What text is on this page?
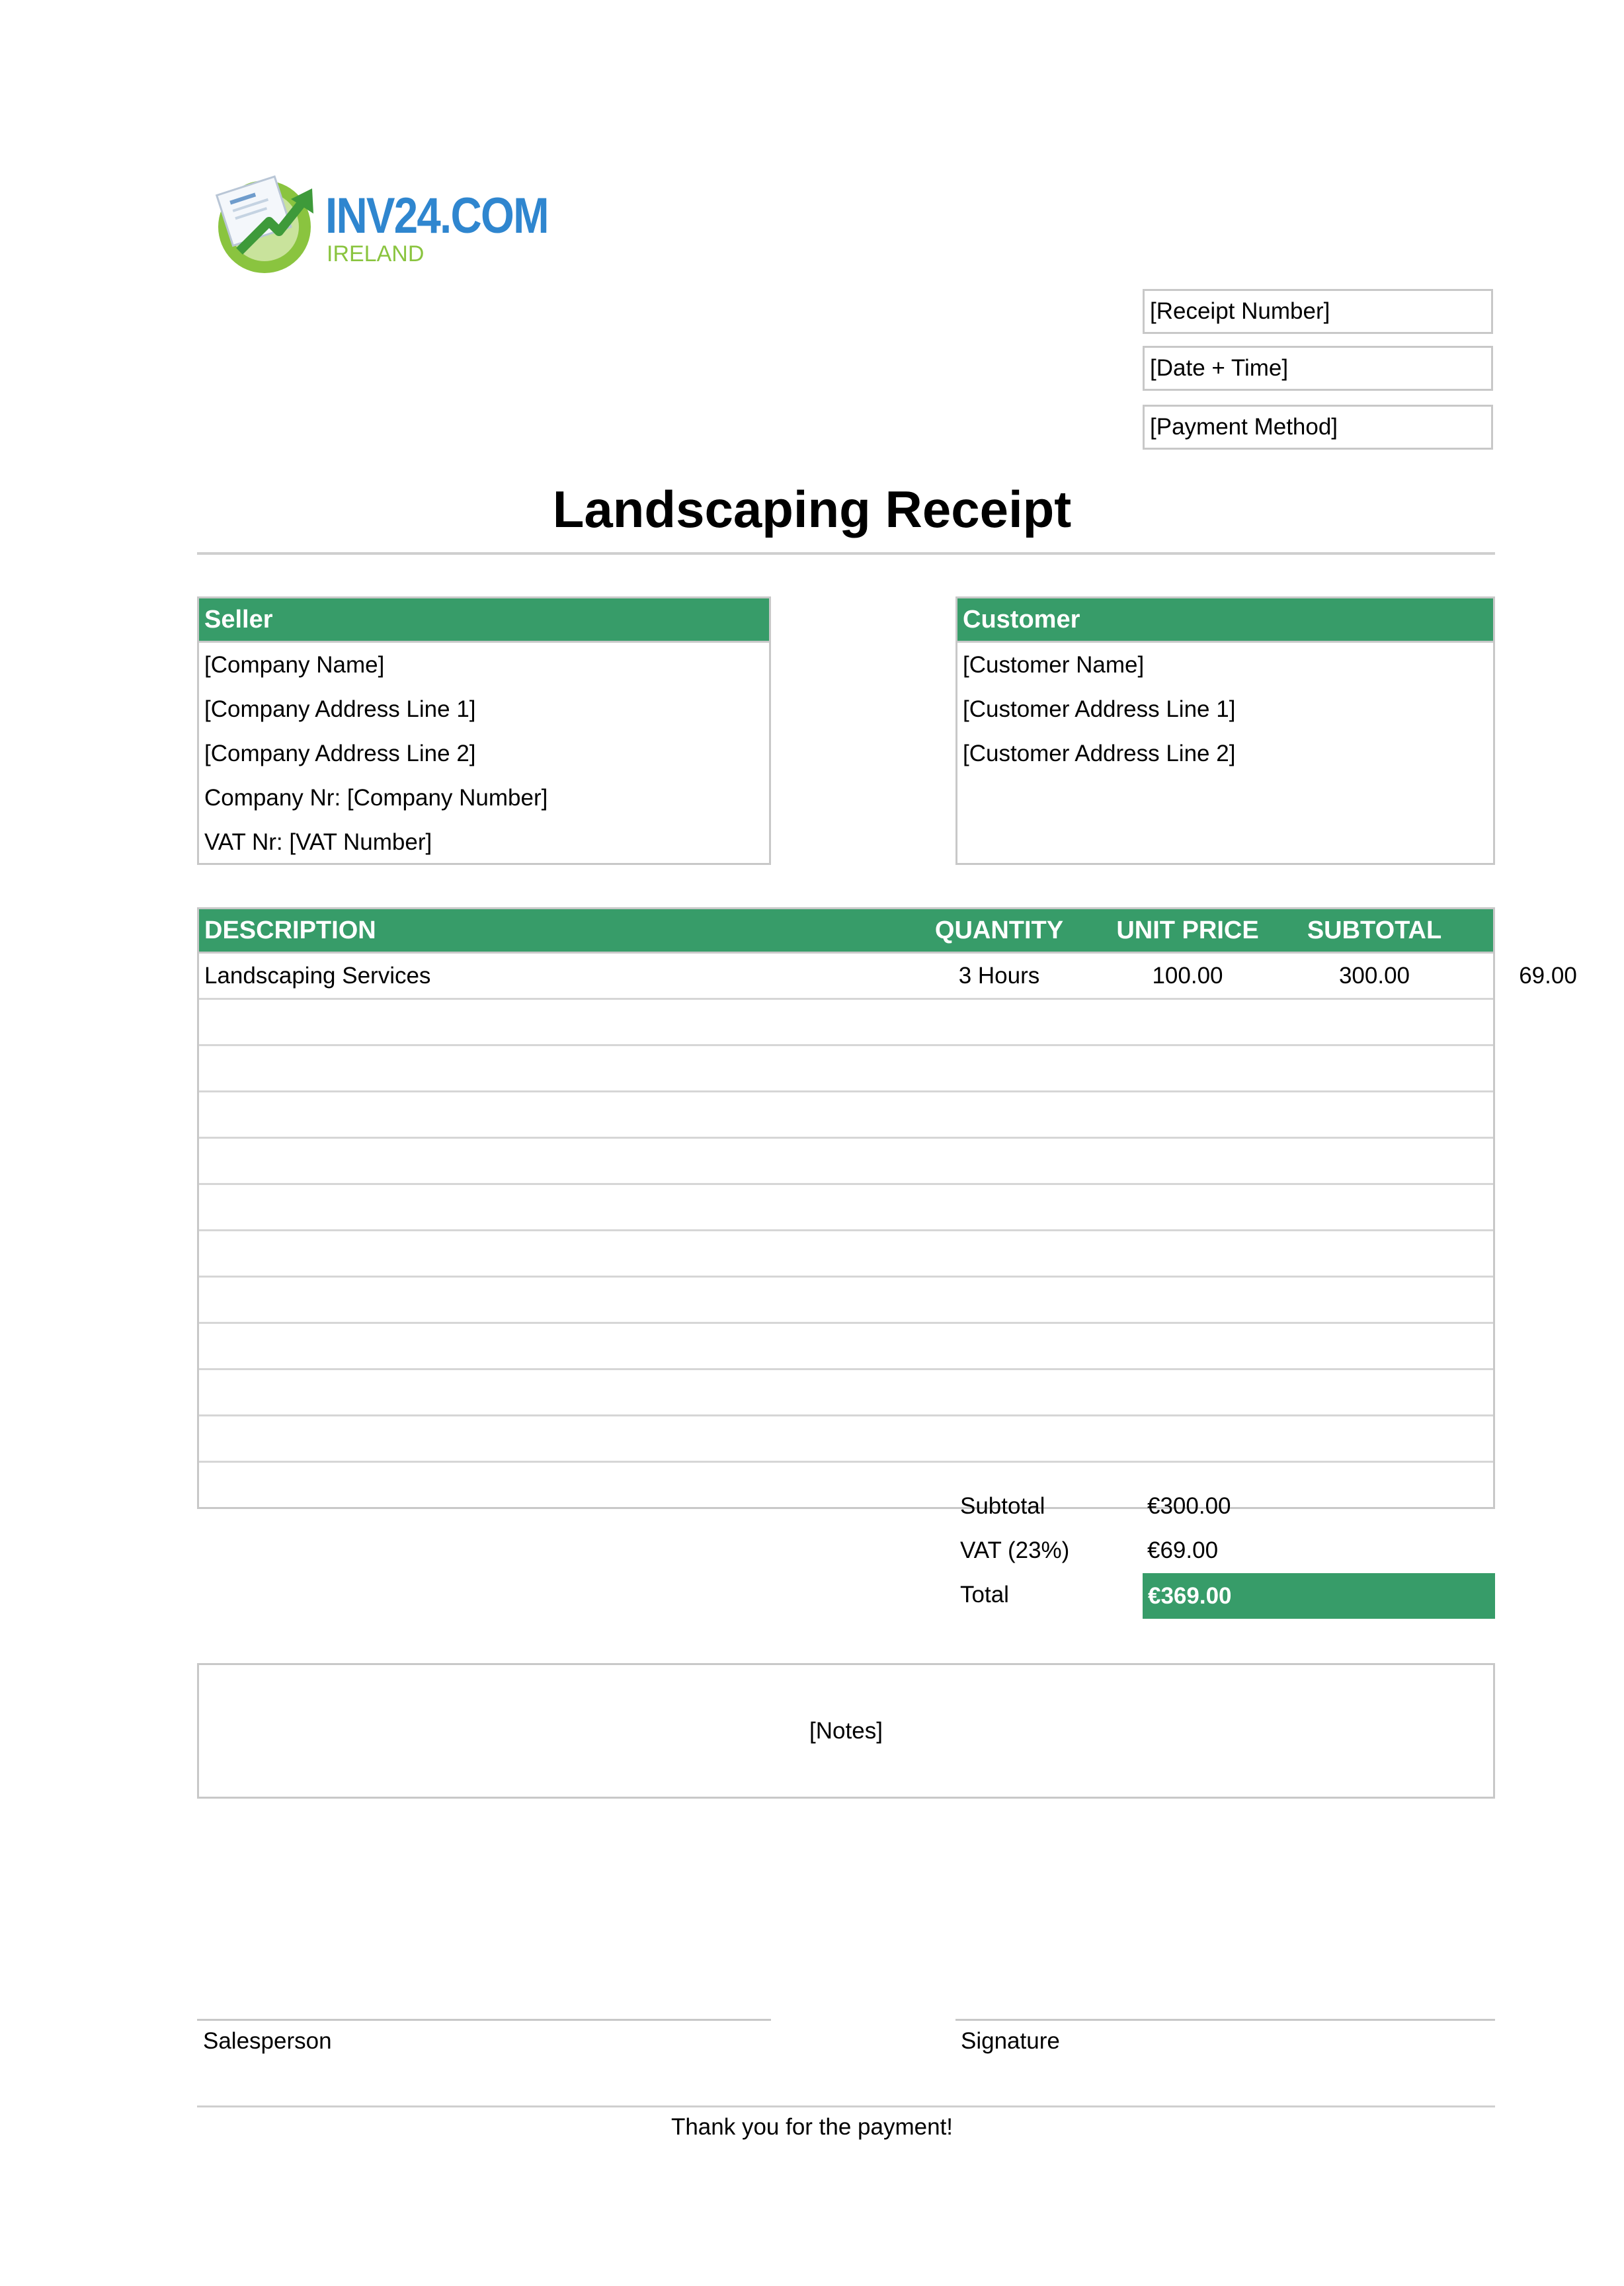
INV24.COM
IRELAND
[Receipt Number]
[Date + Time]
[Payment Method]
Landscaping Receipt
Seller
[Company Name]
[Company Address Line 1]
[Company Address Line 2]
Company Nr: [Company Number]
VAT Nr: [VAT Number]
Customer
[Customer Name]
[Customer Address Line 1]
[Customer Address Line 2]
DESCRIPTION	QUANTITY	UNIT PRICE	SUBTOTAL	VAT
Landscaping Services	3 Hours	100.00	300.00	69.00
Subtotal	€300.00
VAT (23%)	€69.00
Total	€369.00
[Notes]
Salesperson	Signature
Thank you for the payment!
